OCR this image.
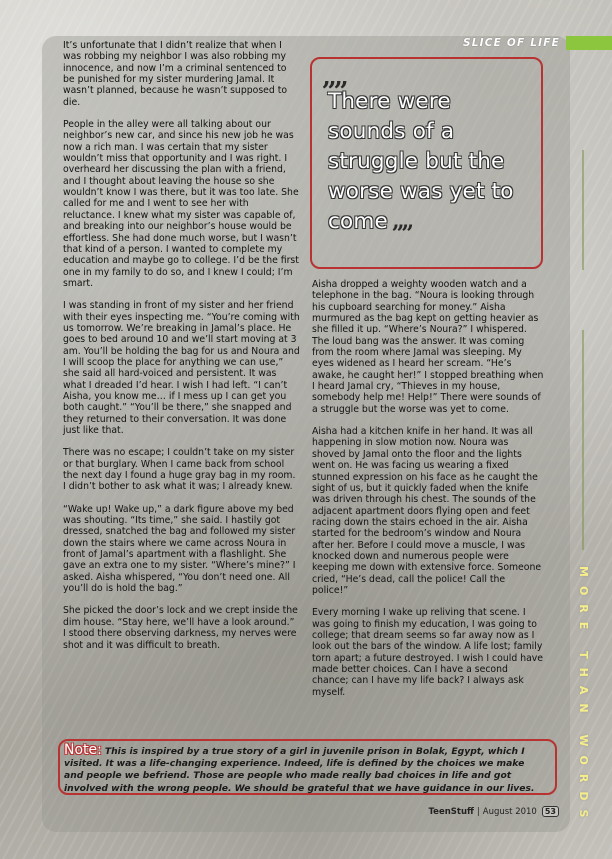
SLICE OF LIFE

It’s unfortunate that I didn’t realize that when I was robbing my neighbor I was also robbing my innocence, and now I’m a criminal sentenced to be punished for my sister murdering Jamal. It wasn’t planned, because he wasn’t supposed to die.

People in the alley were all talking about our neighbor’s new car, and since his new job he was now a rich man. I was certain that my sister wouldn’t miss that opportunity and I was right. I overheard her discussing the plan with a friend, and I thought about leaving the house so she wouldn’t know I was there, but it was too late. She called for me and I went to see her with reluctance. I knew what my sister was capable of, and breaking into our neighbor’s house would be effortless. She had done much worse, but I wasn’t that kind of a person. I wanted to complete my education and maybe go to college. I’d be the first one in my family to do so, and I knew I could; I’m smart.

I was standing in front of my sister and her friend with their eyes inspecting me. “You’re coming with us tomorrow. We’re breaking in Jamal’s place. He goes to bed around 10 and we’ll start moving at 3 am. You’ll be holding the bag for us and Noura and I will scoop the place for anything we can use,” she said all hard-voiced and persistent. It was what I dreaded I’d hear. I wish I had left. “I can’t Aisha, you know me… if I mess up I can get you both caught.” “You’ll be there,” she snapped and they returned to their conversation. It was done just like that.

There was no escape; I couldn’t take on my sister or that burglary. When I came back from school the next day I found a huge gray bag in my room. I didn’t bother to ask what it was; I already knew.

“Wake up! Wake up,” a dark figure above my bed was shouting. “Its time,” she said. I hastily got dressed, snatched the bag and followed my sister down the stairs where we came across Noura in front of Jamal’s apartment with a flashlight. She gave an extra one to my sister. “Where’s mine?” I asked. Aisha whispered, “You don’t need one. All you’ll do is hold the bag.”

She picked the door’s lock and we crept inside the dim house. “Stay here, we’ll have a look around.” I stood there observing darkness, my nerves were shot and it was difficult to breath.

„„
There were sounds of a struggle but the worse was yet to come „„

Aisha dropped a weighty wooden watch and a telephone in the bag. “Noura is looking through his cupboard searching for money.” Aisha murmured as the bag kept on getting heavier as she filled it up. “Where’s Noura?” I whispered. The loud bang was the answer. It was coming from the room where Jamal was sleeping. My eyes widened as I heard her scream. “He’s awake, he caught her!” I stopped breathing when I heard Jamal cry, “Thieves in my house, somebody help me! Help!” There were sounds of a struggle but the worse was yet to come.

Aisha had a kitchen knife in her hand. It was all happening in slow motion now. Noura was shoved by Jamal onto the floor and the lights went on. He was facing us wearing a fixed stunned expression on his face as he caught the sight of us, but it quickly faded when the knife was driven through his chest. The sounds of the adjacent apartment doors flying open and feet racing down the stairs echoed in the air. Aisha started for the bedroom’s window and Noura after her. Before I could move a muscle, I was knocked down and numerous people were keeping me down with extensive force. Someone cried, “He’s dead, call the police! Call the police!”

Every morning I wake up reliving that scene. I was going to finish my education, I was going to college; that dream seems so far away now as I look out the bars of the window. A life lost; family torn apart; a future destroyed. I wish I could have made better choices. Can I have a second chance; can I have my life back? I always ask myself.	MORE THAN WORDS
Note: This is inspired by a true story of a girl in juvenile prison in Bolak, Egypt, which I visited. It was a life-changing experience. Indeed, life is defined by the choices we make and people we befriend. Those are people who made really bad choices in life and got involved with the wrong people. We should be grateful that we have guidance in our lives.
TeenStuff | August 2010	53
